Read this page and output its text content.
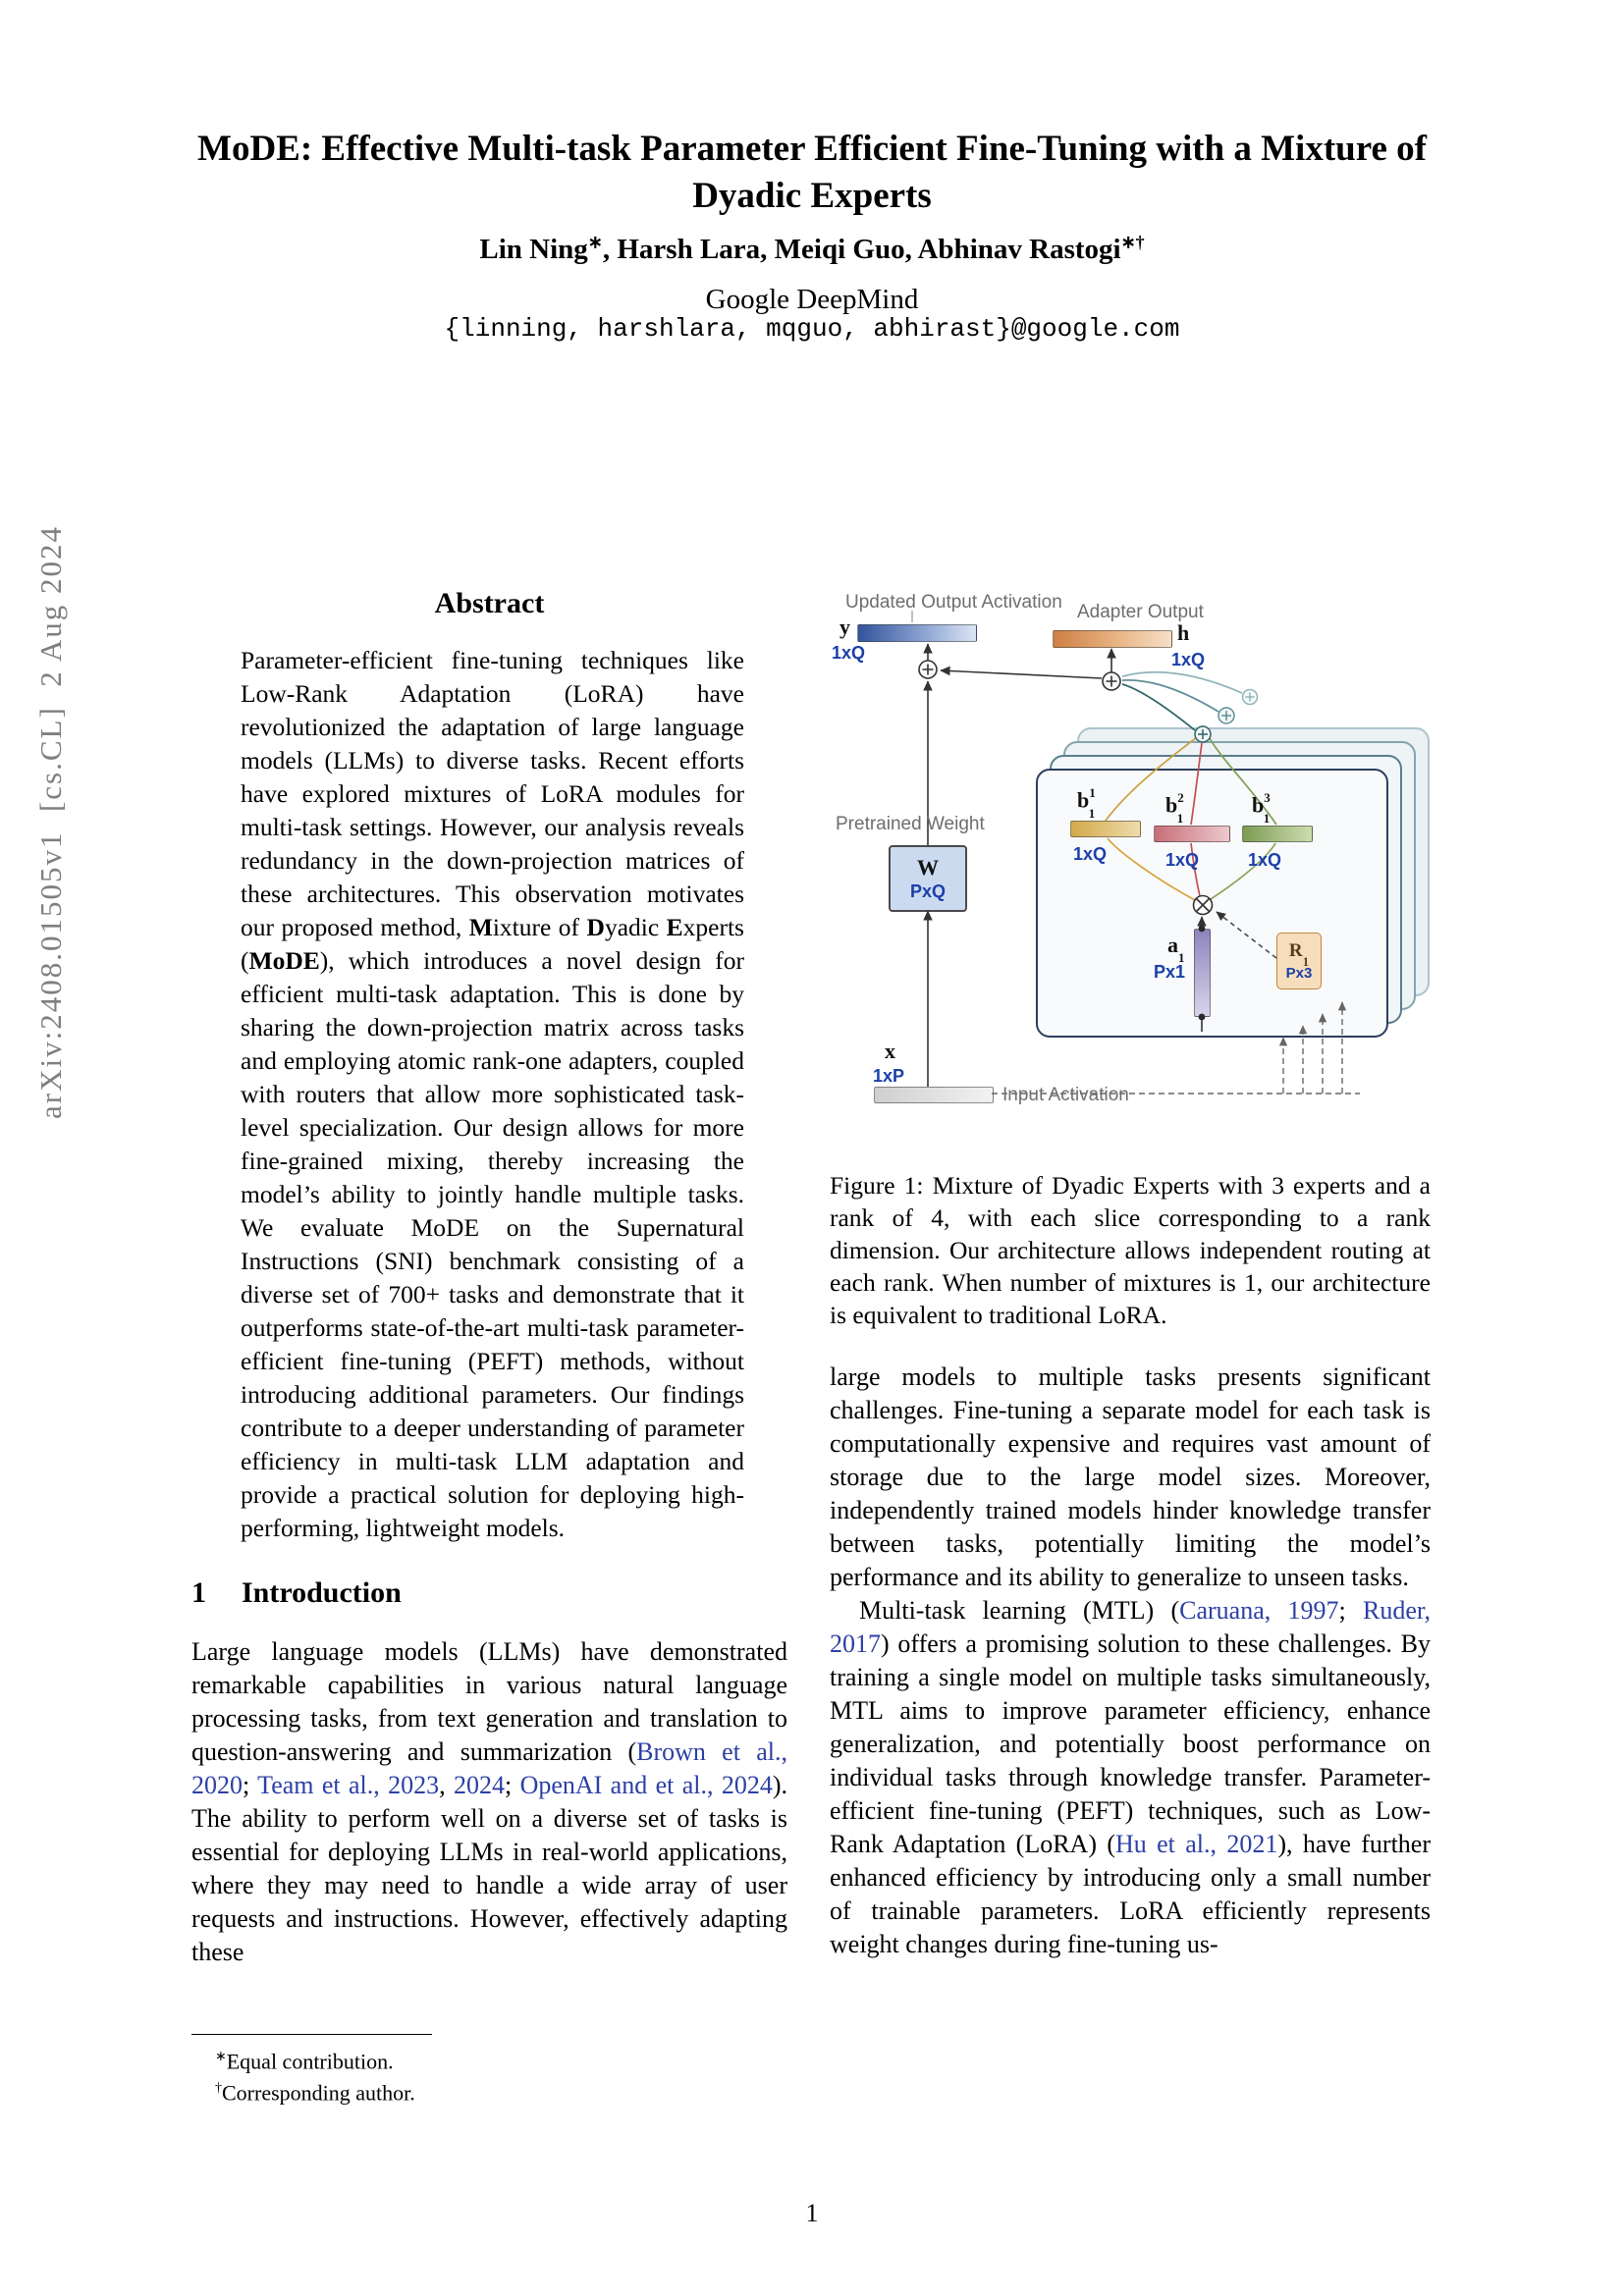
arXiv:2408.01505v1  [cs.CL]  2 Aug 2024
MoDE: Effective Multi-task Parameter Efficient Fine-Tuning with a Mixture of Dyadic Experts
Lin Ning∗, Harsh Lara, Meiqi Guo, Abhinav Rastogi∗†
Google DeepMind
{linning, harshlara, mqguo, abhirast}@google.com
Abstract

Parameter-efficient fine-tuning techniques like Low-Rank Adaptation (LoRA) have revolutionized the adaptation of large language models (LLMs) to diverse tasks. Recent efforts have explored mixtures of LoRA modules for multi-task settings. However, our analysis reveals redundancy in the down-projection matrices of these architectures. This observation motivates our proposed method, Mixture of Dyadic Experts (MoDE), which introduces a novel design for efficient multi-task adaptation. This is done by sharing the down-projection matrix across tasks and employing atomic rank-one adapters, coupled with routers that allow more sophisticated task-level specialization. Our design allows for more fine-grained mixing, thereby increasing the model’s ability to jointly handle multiple tasks. We evaluate MoDE on the Supernatural Instructions (SNI) benchmark consisting of a diverse set of 700+ tasks and demonstrate that it outperforms state-of-the-art multi-task parameter-efficient fine-tuning (PEFT) methods, without introducing additional parameters. Our findings contribute to a deeper understanding of parameter efficiency in multi-task LLM adaptation and provide a practical solution for deploying high-performing, lightweight models.

1 Introduction

Large language models (LLMs) have demonstrated remarkable capabilities in various natural language processing tasks, from text generation and translation to question-answering and summarization (Brown et al., 2020; Team et al., 2023, 2024; OpenAI and et al., 2024). The ability to perform well on a diverse set of tasks is essential for deploying LLMs in real-world applications, where they may need to handle a wide array of user requests and instructions. However, effectively adapting these

∗Equal contribution.
†Corresponding author.
W
PxQ
$R_1$
Px3
Updated Output Activation Adapter Output
Pretrained Weight
Input Activation
y
1xQ
h
1xQ
$b^1_1$
1xQ
$b^2_1$
1xQ
$b^3_1$
1xQ
$a_1$
Px1
x
1xP

Figure 1: Mixture of Dyadic Experts with 3 experts and a rank of 4, with each slice corresponding to a rank dimension. Our architecture allows independent routing at each rank. When number of mixtures is 1, our architecture is equivalent to traditional LoRA.

large models to multiple tasks presents significant challenges. Fine-tuning a separate model for each task is computationally expensive and requires vast amount of storage due to the large model sizes. Moreover, independently trained models hinder knowledge transfer between tasks, potentially limiting the model’s performance and its ability to generalize to unseen tasks.

Multi-task learning (MTL) (Caruana, 1997; Ruder, 2017) offers a promising solution to these challenges. By training a single model on multiple tasks simultaneously, MTL aims to improve parameter efficiency, enhance generalization, and potentially boost performance on individual tasks through knowledge transfer. Parameter-efficient fine-tuning (PEFT) techniques, such as Low-Rank Adaptation (LoRA) (Hu et al., 2021), have further enhanced efficiency by introducing only a small number of trainable parameters. LoRA efficiently represents weight changes during fine-tuning us-

1
